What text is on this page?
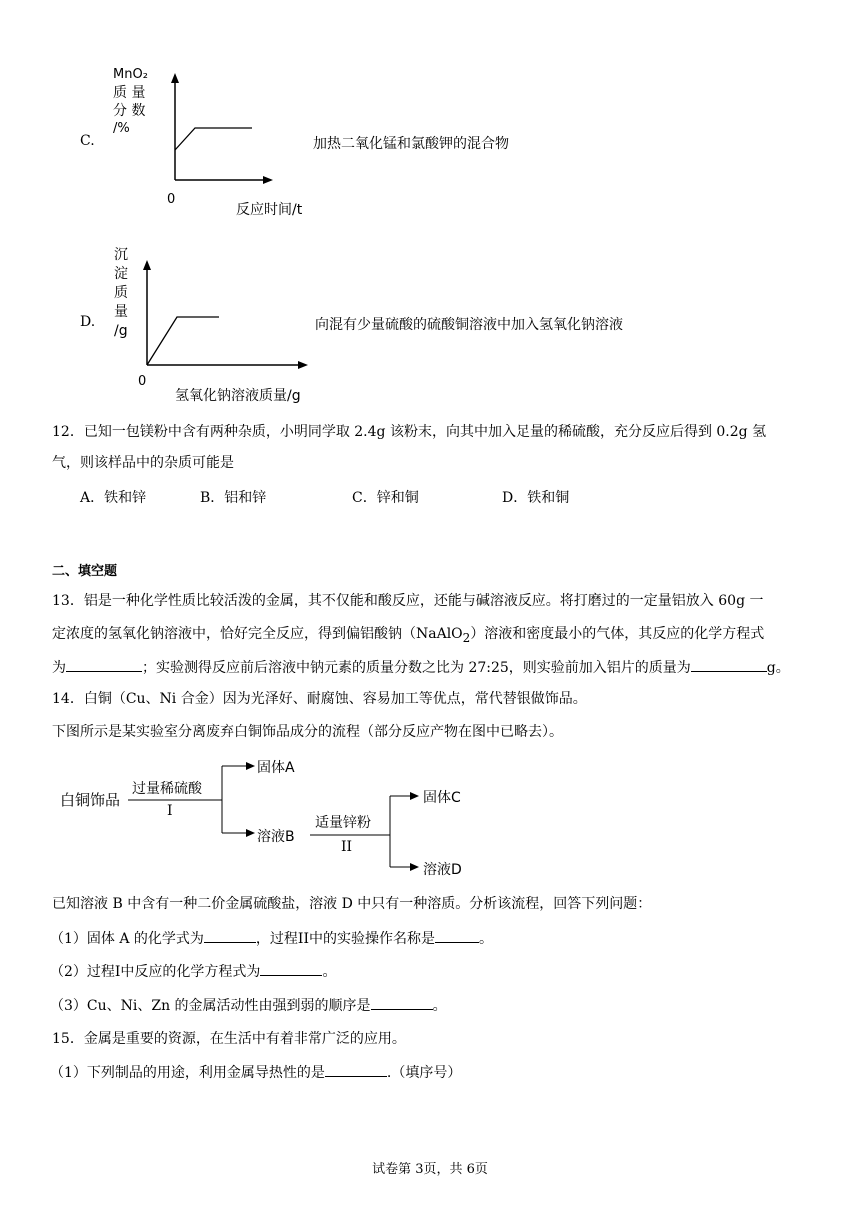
C.
MnO₂
质 量
分 数
/%
0
反应时间/t
加热二氧化锰和氯酸钾的混合物
D.
沉
淀
质
量
/g
0
氢氧化钠溶液质量/g
向混有少量硫酸的硫酸铜溶液中加入氢氧化钠溶液
12．已知一包镁粉中含有两种杂质，小明同学取 2.4g 该粉末，向其中加入足量的稀硫酸，充分反应后得到 0.2g 氢
气，则该样品中的杂质可能是
A．铁和锌	B．铝和锌	C．锌和铜	D．铁和铜
二、填空题
13．铝是一种化学性质比较活泼的金属，其不仅能和酸反应，还能与碱溶液反应。将打磨过的一定量铝放入 60g 一
定浓度的氢氧化钠溶液中，恰好完全反应，得到偏铝酸钠（NaAlO$_2$）溶液和密度最小的气体，其反应的化学方程式
为	；实验测得反应前后溶液中钠元素的质量分数之比为 27:25，则实验前加入铝片的质量为	g。
14．白铜（Cu、Ni 合金）因为光泽好、耐腐蚀、容易加工等优点，常代替银做饰品。
下图所示是某实验室分离废弃白铜饰品成分的流程（部分反应产物在图中已略去）。
白铜饰品
过量稀硫酸
I
固体A
溶液B
适量锌粉
II
固体C
溶液D
已知溶液 B 中含有一种二价金属硫酸盐，溶液 D 中只有一种溶质。分析该流程，回答下列问题：
（1）固体 A 的化学式为	，过程II中的实验操作名称是	。
（2）过程I中反应的化学方程式为	。
（3）Cu、Ni、Zn 的金属活动性由强到弱的顺序是	。
15．金属是重要的资源，在生活中有着非常广泛的应用。
（1）下列制品的用途，利用金属导热性的是	.（填序号）
试卷第 3页，共 6页
